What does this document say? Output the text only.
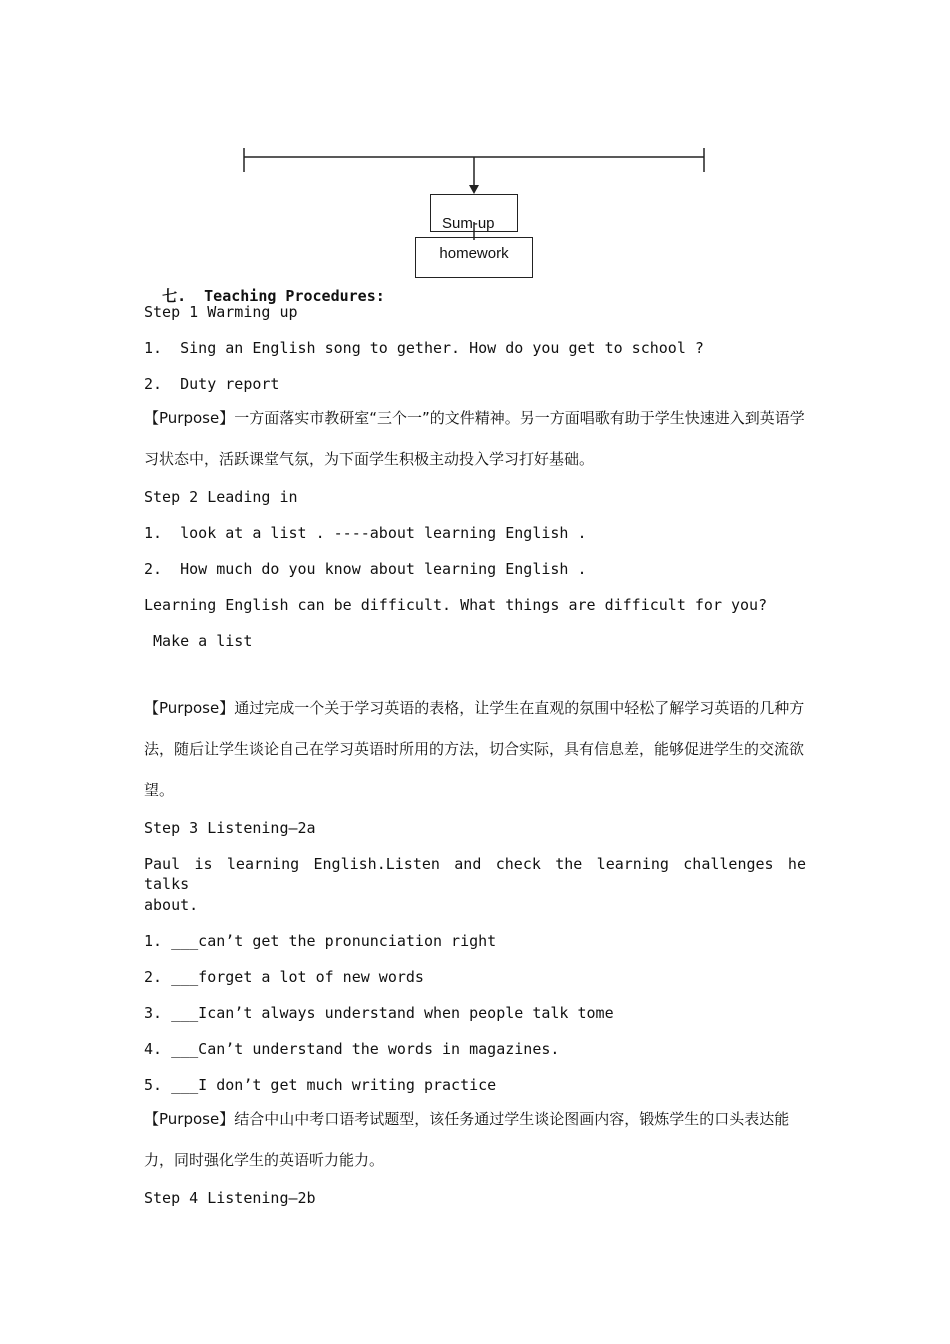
Sum-up
homework

七.  Teaching Procedures:

Step 1 Warming up
1.  Sing an English song to gether. How do you get to school ?
2.  Duty report
【Purpose】一方面落实市教研室“三个一”的文件精神。另一方面唱歌有助于学生快速进入到英语学习状态中，活跃课堂气氛，为下面学生积极主动投入学习打好基础。
Step 2 Leading in
1.  look at a list . ----about learning English .
2.  How much do you know about learning English .
Learning English can be difficult. What things are difficult for you?
Make a list
【Purpose】通过完成一个关于学习英语的表格，让学生在直观的氛围中轻松了解学习英语的几种方法，随后让学生谈论自己在学习英语时所用的方法，切合实际，具有信息差，能够促进学生的交流欲望。
Step 3 Listening—2a
Paul is learning English.Listen and check the learning challenges he talks
about.
1. ___can’t get the pronunciation right
2. ___forget a lot of new words
3. ___Ican’t always understand when people talk tome
4. ___Can’t understand the words in magazines.
5. ___I don’t get much writing practice
【Purpose】结合中山中考口语考试题型，该任务通过学生谈论图画内容，锻炼学生的口头表达能力，同时强化学生的英语听力能力。
Step 4 Listening—2b
